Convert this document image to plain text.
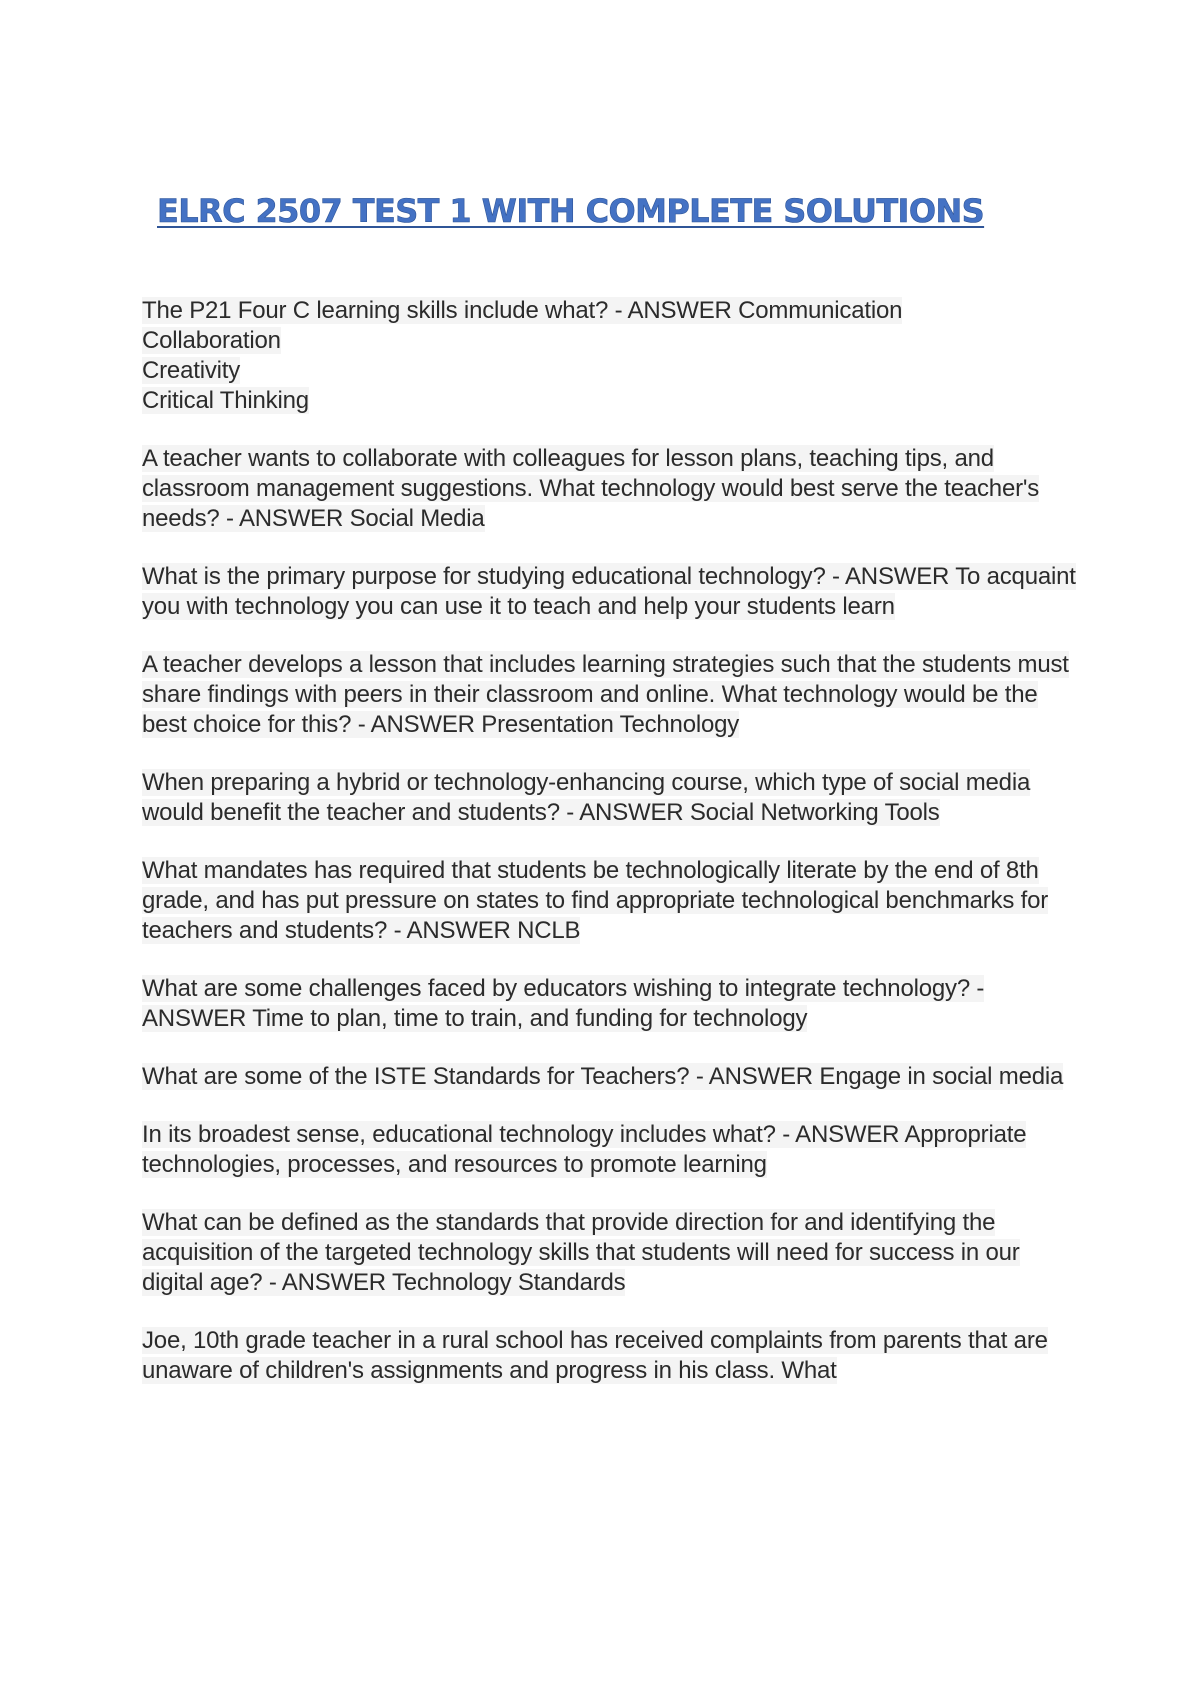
ELRC 2507 TEST 1 WITH COMPLETE SOLUTIONS

The P21 Four C learning skills include what? - ANSWER Communication
Collaboration
Creativity
Critical Thinking

A teacher wants to collaborate with colleagues for lesson plans, teaching tips, and classroom management suggestions. What technology would best serve the teacher's needs? - ANSWER Social Media

What is the primary purpose for studying educational technology? - ANSWER To acquaint you with technology you can use it to teach and help your students learn

A teacher develops a lesson that includes learning strategies such that the students must share findings with peers in their classroom and online. What technology would be the best choice for this? - ANSWER Presentation Technology

When preparing a hybrid or technology-enhancing course, which type of social media would benefit the teacher and students? - ANSWER Social Networking Tools

What mandates has required that students be technologically literate by the end of 8th grade, and has put pressure on states to find appropriate technological benchmarks for teachers and students? - ANSWER NCLB

What are some challenges faced by educators wishing to integrate technology? - ANSWER Time to plan, time to train, and funding for technology

What are some of the ISTE Standards for Teachers? - ANSWER Engage in social media

In its broadest sense, educational technology includes what? - ANSWER Appropriate technologies, processes, and resources to promote learning

What can be defined as the standards that provide direction for and identifying the acquisition of the targeted technology skills that students will need for success in our digital age? - ANSWER Technology Standards

Joe, 10th grade teacher in a rural school has received complaints from parents that are unaware of children's assignments and progress in his class. What
